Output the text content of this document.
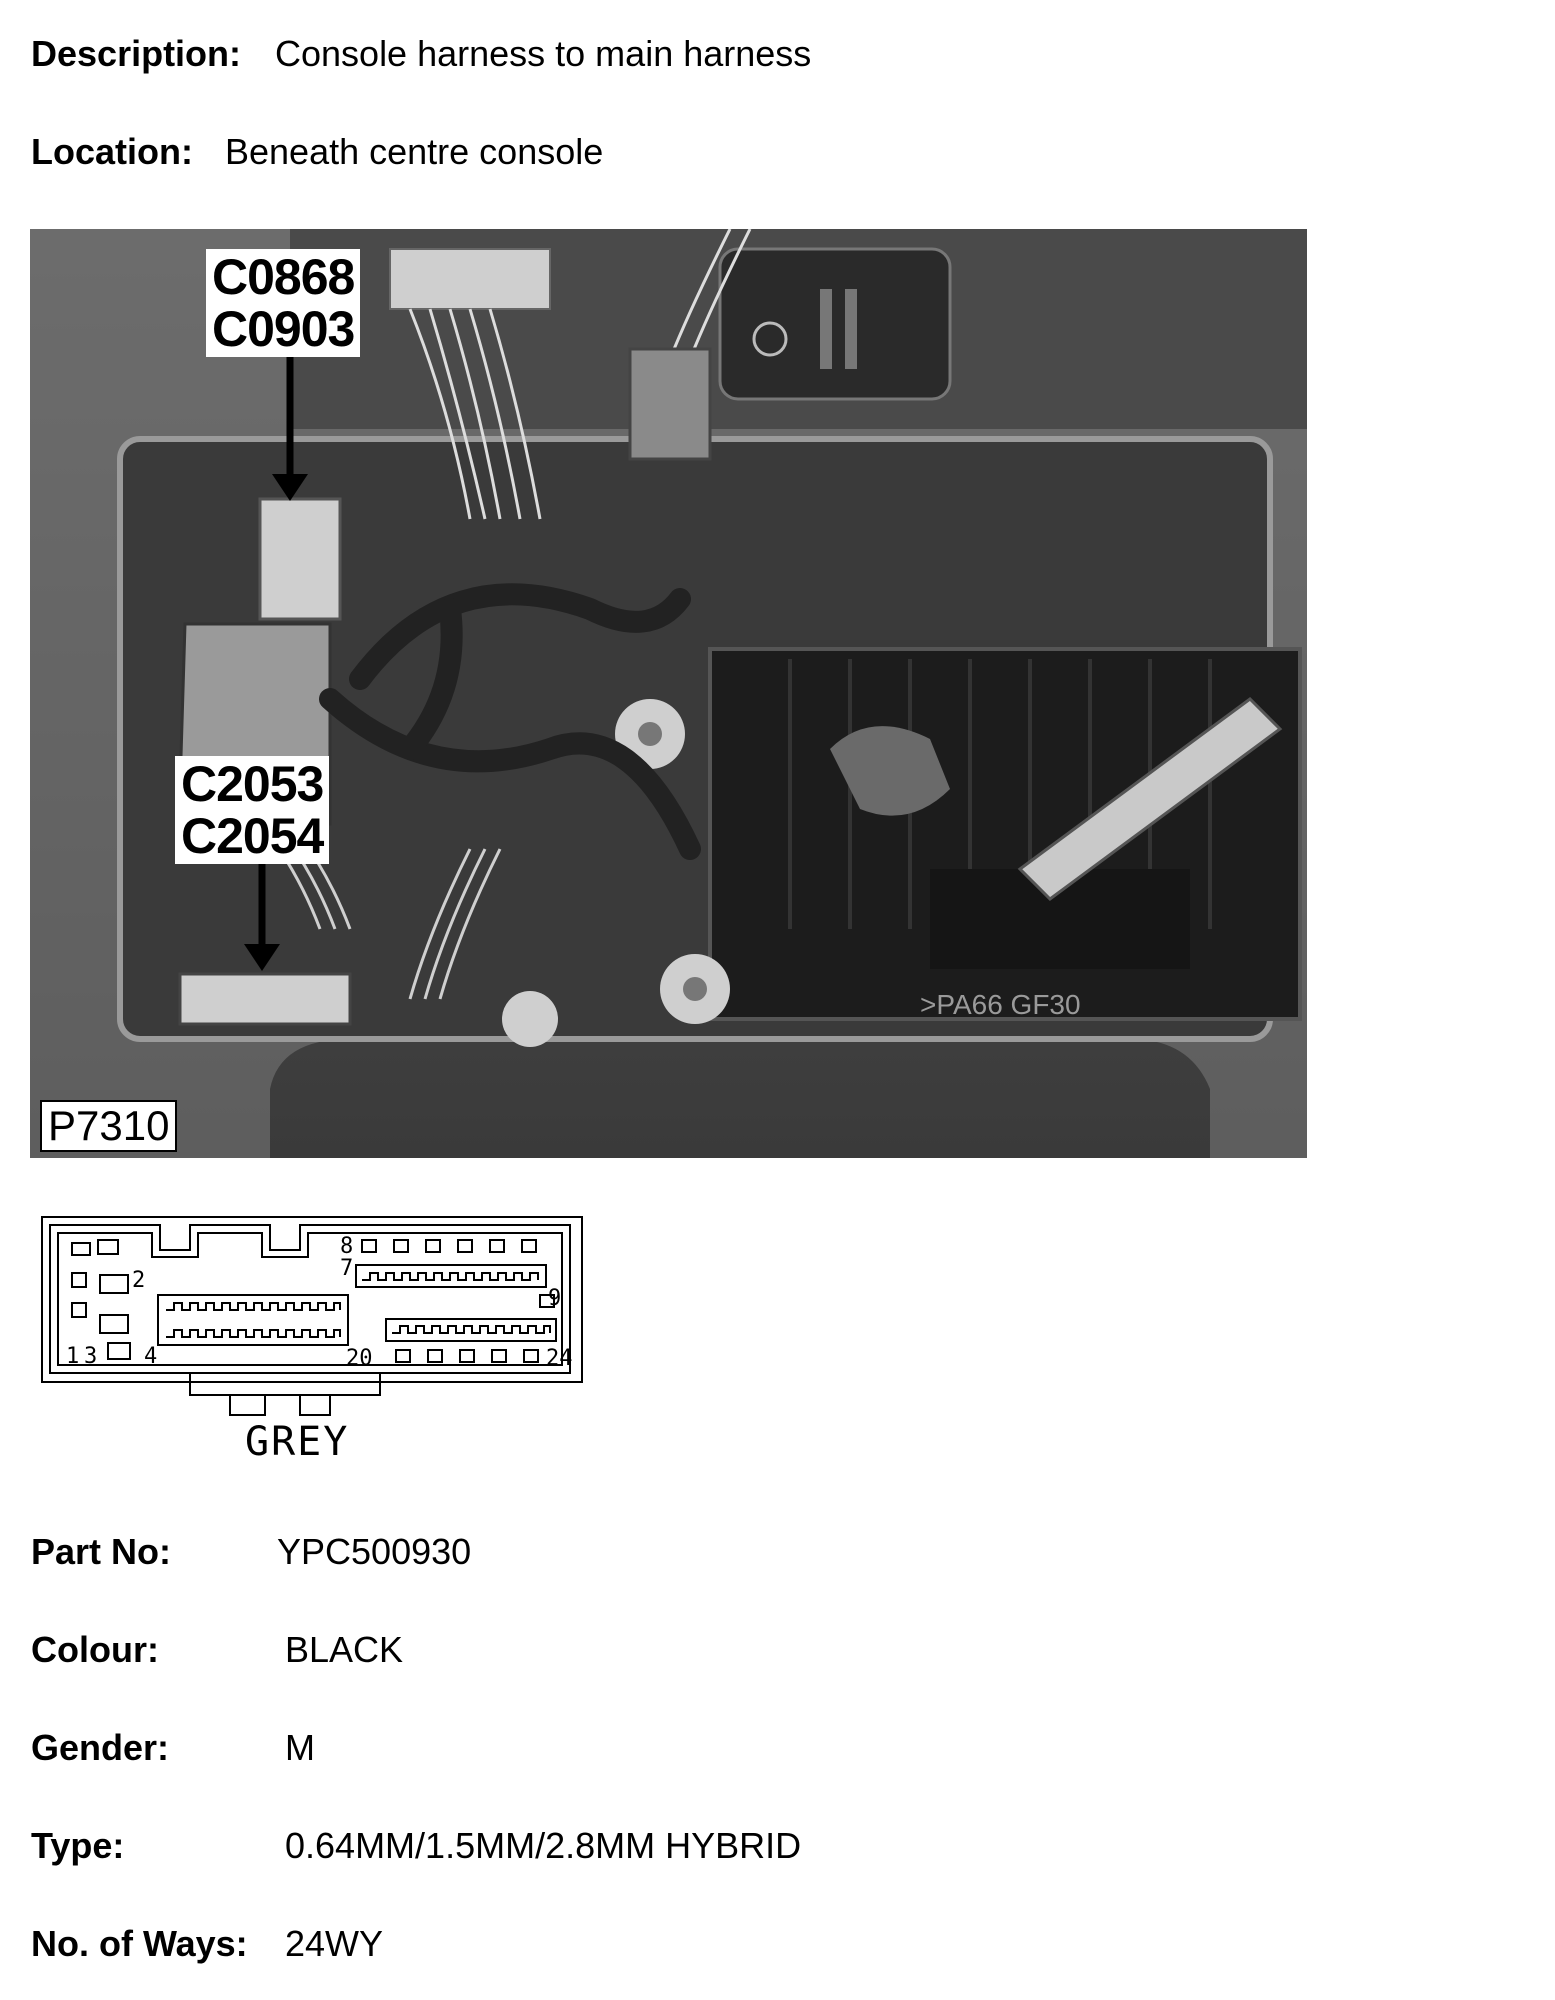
Description: Console harness to main harness
Location: Beneath centre console
>PA66 GF30
C0868
C0903
C2053
C2054
P7310
2
1 3 4
7
8
9
20	24
GREY
Part No:	YPC500930
Colour:	BLACK
Gender:	M
Type:	0.64MM/1.5MM/2.8MM HYBRID
No. of Ways: 24WY
